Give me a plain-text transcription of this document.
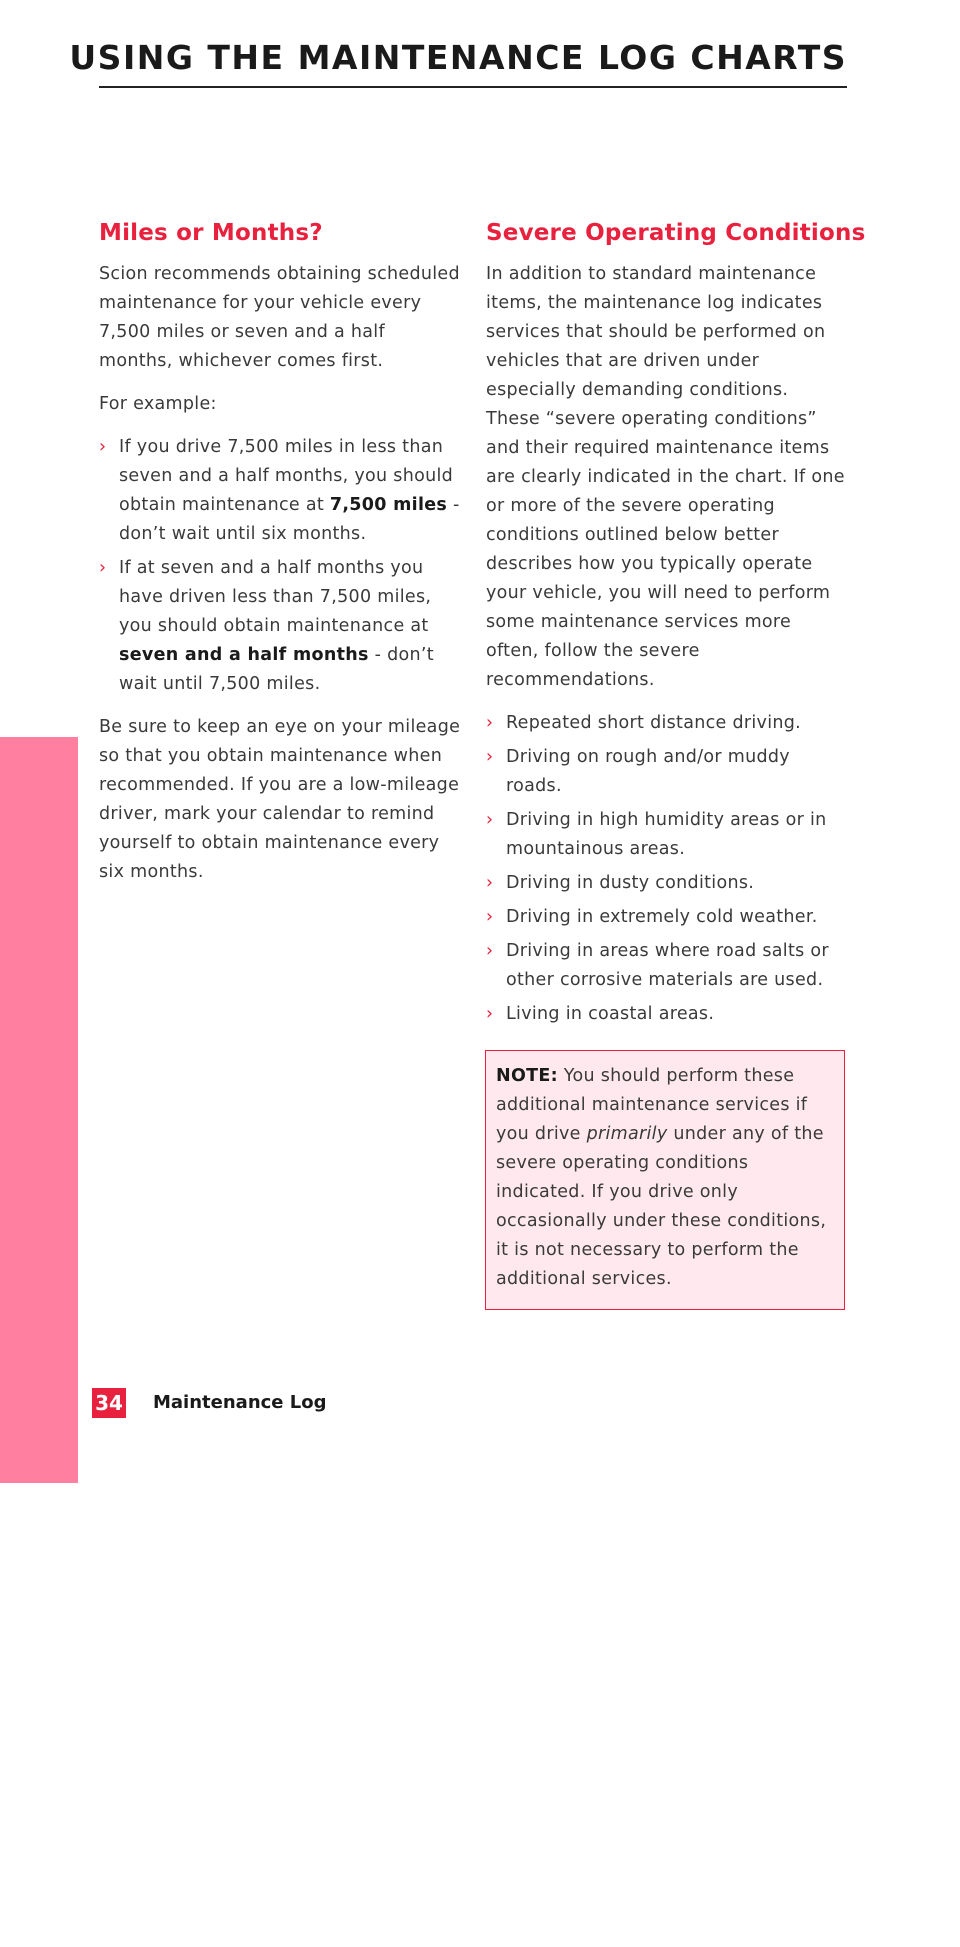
USING THE MAINTENANCE LOG CHARTS
MAINTENANCE
Miles or Months?

Scion recommends obtaining scheduled maintenance for your vehicle every 7,500 miles or seven and a half months, whichever comes first.

For example:

› If you drive 7,500 miles in less than seven and a half months, you should obtain maintenance at 7,500 miles - don’t wait until six months.
› If at seven and a half months you have driven less than 7,500 miles, you should obtain maintenance at seven and a half months - don’t wait until 7,500 miles.

Be sure to keep an eye on your mileage so that you obtain maintenance when recommended. If you are a low-mileage driver, mark your calendar to remind yourself to obtain maintenance every six months.

Severe Operating Conditions

In addition to standard maintenance items, the maintenance log indicates services that should be performed on vehicles that are driven under especially demanding conditions. These “severe operating conditions” and their required maintenance items are clearly indicated in the chart. If one or more of the severe operating conditions outlined below better describes how you typically operate your vehicle, you will need to perform some maintenance services more often, follow the severe recommendations.

› Repeated short distance driving.
› Driving on rough and/or muddy roads.
› Driving in high humidity areas or in mountainous areas.
› Driving in dusty conditions.
› Driving in extremely cold weather.
› Driving in areas where road salts or other corrosive materials are used.
› Living in coastal areas.

NOTE: You should perform these additional maintenance services if you drive primarily under any of the severe operating conditions indicated. If you drive only occasionally under these conditions, it is not necessary to perform the additional services.

34 Maintenance Log
